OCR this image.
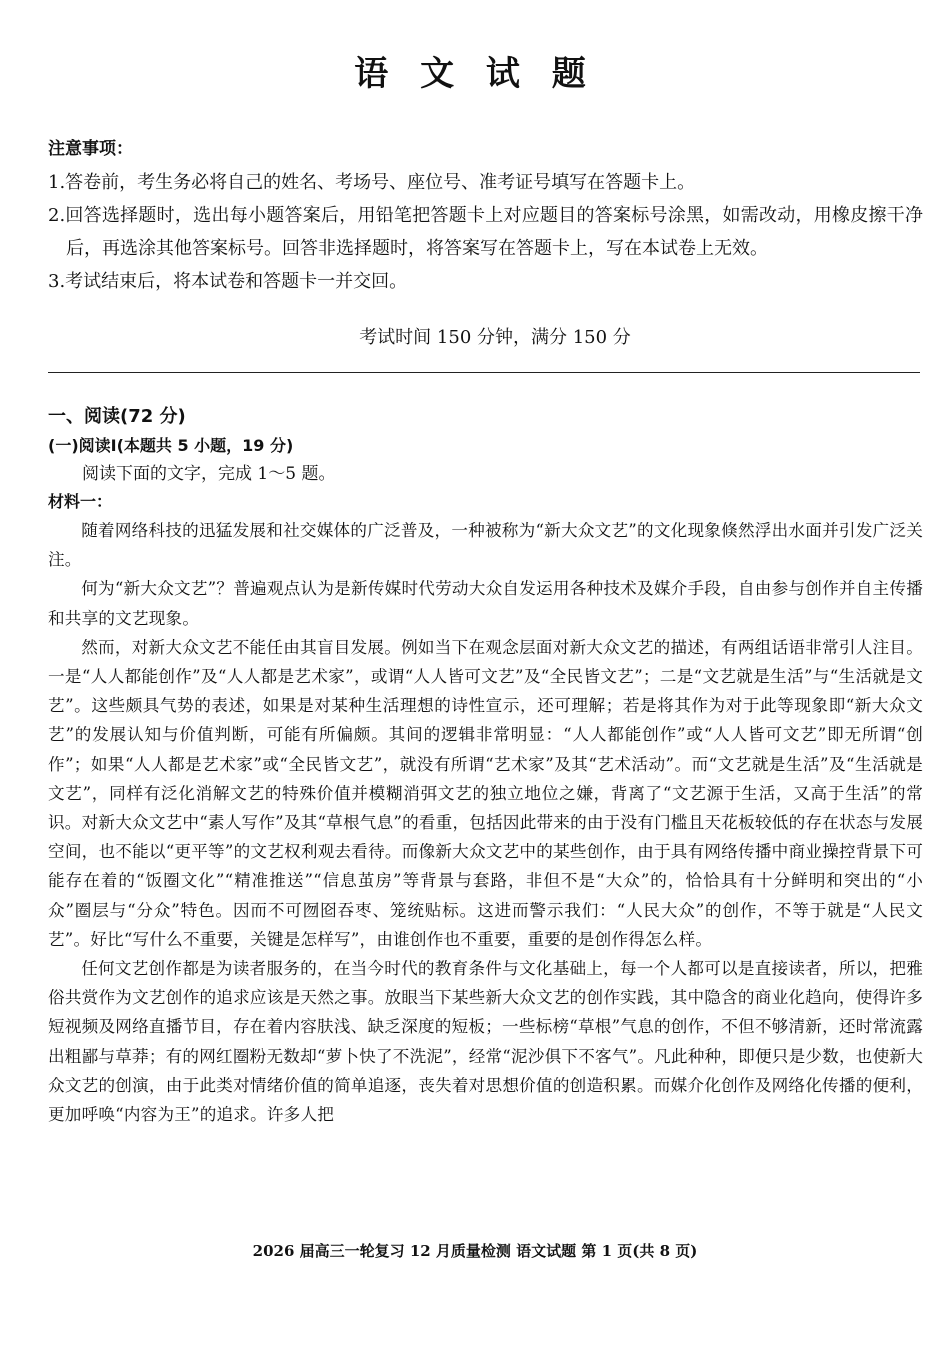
语 文 试 题
注意事项：
1.答卷前，考生务必将自己的姓名、考场号、座位号、准考证号填写在答题卡上。
2.回答选择题时，选出每小题答案后，用铅笔把答题卡上对应题目的答案标号涂黑，如需改动，用橡皮擦干净后，再选涂其他答案标号。回答非选择题时，将答案写在答题卡上，写在本试卷上无效。
3.考试结束后，将本试卷和答题卡一并交回。
考试时间 150 分钟，满分 150 分
一、阅读(72 分)
(一)阅读Ⅰ(本题共 5 小题，19 分)
阅读下面的文字，完成 1～5 题。
材料一：

随着网络科技的迅猛发展和社交媒体的广泛普及，一种被称为“新大众文艺”的文化现象倏然浮出水面并引发广泛关注。

何为“新大众文艺”？普遍观点认为是新传媒时代劳动大众自发运用各种技术及媒介手段，自由参与创作并自主传播和共享的文艺现象。

然而，对新大众文艺不能任由其盲目发展。例如当下在观念层面对新大众文艺的描述，有两组话语非常引人注目。一是“人人都能创作”及“人人都是艺术家”，或谓“人人皆可文艺”及“全民皆文艺”；二是“文艺就是生活”与“生活就是文艺”。这些颇具气势的表述，如果是对某种生活理想的诗性宣示，还可理解；若是将其作为对于此等现象即“新大众文艺”的发展认知与价值判断，可能有所偏颇。其间的逻辑非常明显：“人人都能创作”或“人人皆可文艺”即无所谓“创作”；如果“人人都是艺术家”或“全民皆文艺”，就没有所谓“艺术家”及其“艺术活动”。而“文艺就是生活”及“生活就是文艺”，同样有泛化消解文艺的特殊价值并模糊消弭文艺的独立地位之嫌，背离了“文艺源于生活，又高于生活”的常识。对新大众文艺中“素人写作”及其“草根气息”的看重，包括因此带来的由于没有门槛且天花板较低的存在状态与发展空间，也不能以“更平等”的文艺权利观去看待。而像新大众文艺中的某些创作，由于具有网络传播中商业操控背景下可能存在着的“饭圈文化”“精准推送”“信息茧房”等背景与套路，非但不是“大众”的，恰恰具有十分鲜明和突出的“小众”圈层与“分众”特色。因而不可囫囵吞枣、笼统贴标。这进而警示我们：“人民大众”的创作，不等于就是“人民文艺”。好比“写什么不重要，关键是怎样写”，由谁创作也不重要，重要的是创作得怎么样。

任何文艺创作都是为读者服务的，在当今时代的教育条件与文化基础上，每一个人都可以是直接读者，所以，把雅俗共赏作为文艺创作的追求应该是天然之事。放眼当下某些新大众文艺的创作实践，其中隐含的商业化趋向，使得许多短视频及网络直播节目，存在着内容肤浅、缺乏深度的短板；一些标榜“草根”气息的创作，不但不够清新，还时常流露出粗鄙与草莽；有的网红圈粉无数却“萝卜快了不洗泥”，经常“泥沙俱下不客气”。凡此种种，即便只是少数，也使新大众文艺的创演，由于此类对情绪价值的简单追逐，丧失着对思想价值的创造积累。而媒介化创作及网络化传播的便利，更加呼唤“内容为王”的追求。许多人把

2026 届高三一轮复习 12 月质量检测 语文试题 第 1 页(共 8 页)
